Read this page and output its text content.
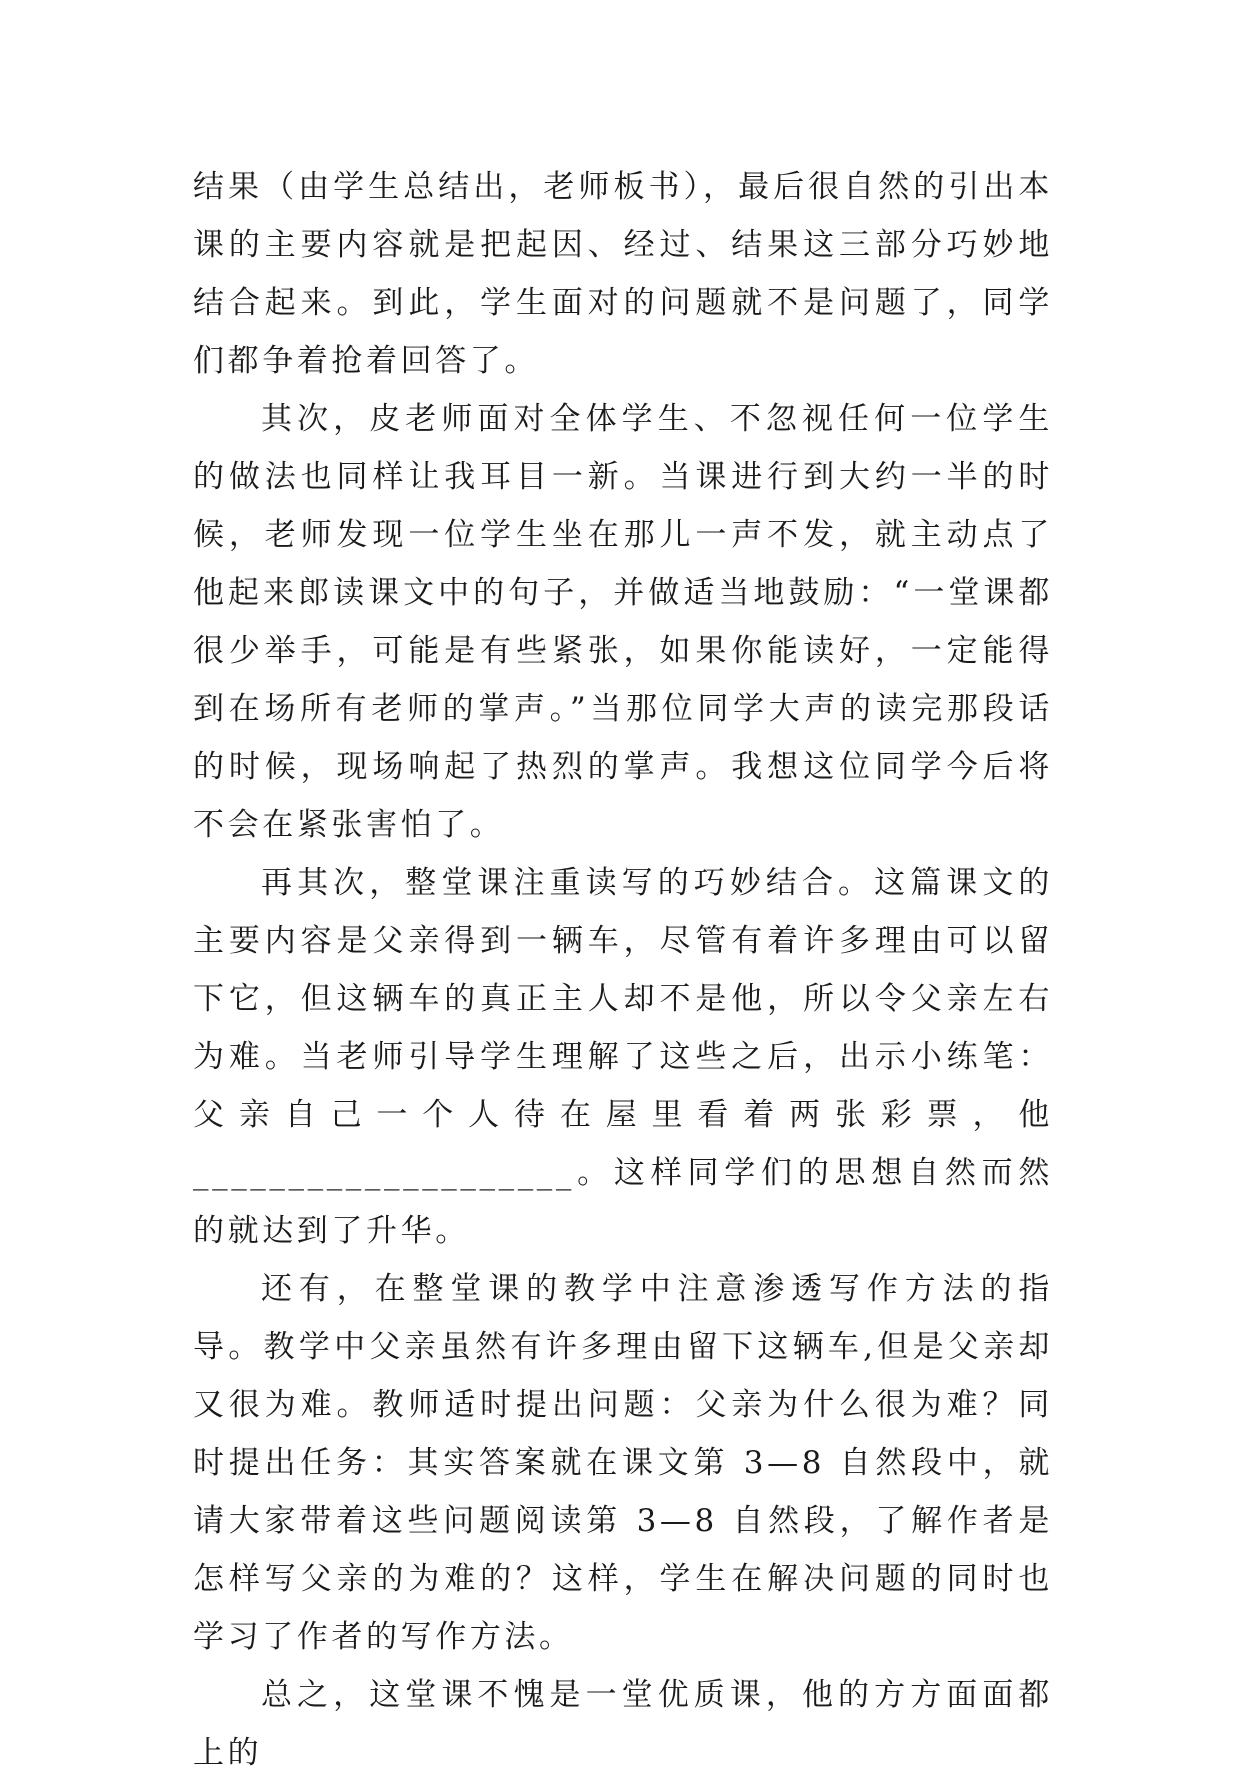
结果（由学生总结出，老师板书），最后很自然的引出本课的主要内容就是把起因、经过、结果这三部分巧妙地结合起来。到此，学生面对的问题就不是问题了，同学们都争着抢着回答了。

其次，皮老师面对全体学生、不忽视任何一位学生的做法也同样让我耳目一新。当课进行到大约一半的时候，老师发现一位学生坐在那儿一声不发，就主动点了他起来郎读课文中的句子，并做适当地鼓励：“一堂课都很少举手，可能是有些紧张，如果你能读好，一定能得到在场所有老师的掌声。”当那位同学大声的读完那段话的时候，现场响起了热烈的掌声。我想这位同学今后将不会在紧张害怕了。

再其次，整堂课注重读写的巧妙结合。这篇课文的主要内容是父亲得到一辆车，尽管有着许多理由可以留下它，但这辆车的真正主人却不是他，所以令父亲左右为难。当老师引导学生理解了这些之后，出示小练笔：父亲自己一个人待在屋里看着两张彩票，他____________________。这样同学们的思想自然而然的就达到了升华。

还有，在整堂课的教学中注意渗透写作方法的指导。教学中父亲虽然有许多理由留下这辆车,但是父亲却又很为难。教师适时提出问题：父亲为什么很为难？同时提出任务：其实答案就在课文第 3—8 自然段中，就请大家带着这些问题阅读第 3—8 自然段，了解作者是怎样写父亲的为难的？这样，学生在解决问题的同时也学习了作者的写作方法。

总之，这堂课不愧是一堂优质课，他的方方面面都上的
